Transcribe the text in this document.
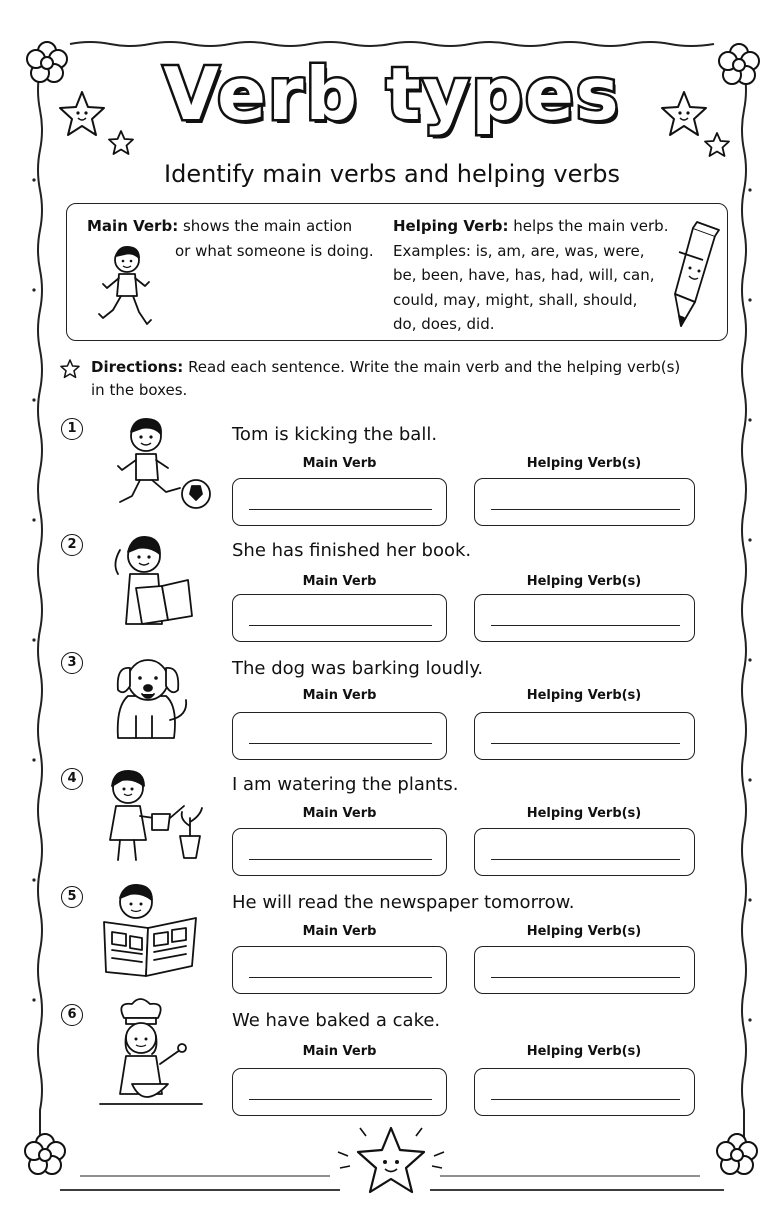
Verb types
Identify main verbs and helping verbs
Main Verb: shows the main action
or what someone is doing.
Helping Verb: helps the main verb.
Examples: is, am, are, was, were,
be, been, have, has, had, will, can,
could, may, might, shall, should,
do, does, did.
Directions: Read each sentence. Write the main verb and the helping verb(s)
in the boxes.
1	Tom is kicking the ball.
Main Verb	Helping Verb(s)
2	She has finished her book.
Main Verb	Helping Verb(s)
3	The dog was barking loudly.
Main Verb	Helping Verb(s)
4	I am watering the plants.
Main Verb	Helping Verb(s)
5	He will read the newspaper tomorrow.
Main Verb	Helping Verb(s)
6	We have baked a cake.
Main Verb	Helping Verb(s)
